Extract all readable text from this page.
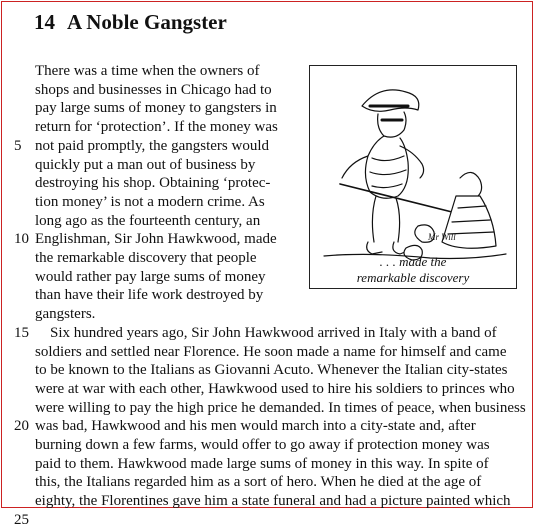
14 A Noble Gangster

There was a time when the owners of

shops and businesses in Chicago had to

pay large sums of money to gangsters in

return for ‘protection’. If the money was

not paid promptly, the gangsters would

quickly put a man out of business by

destroying his shop. Obtaining ‘protec-

tion money’ is not a modern crime. As

long ago as the fourteenth century, an

Englishman, Sir John Hawkwood, made

the remarkable discovery that people

would rather pay large sums of money

than have their life work destroyed by

gangsters.

Six hundred years ago, Sir John Hawkwood arrived in Italy with a band of

soldiers and settled near Florence. He soon made a name for himself and came

to be known to the Italians as Giovanni Acuto. Whenever the Italian city-states

were at war with each other, Hawkwood used to hire his soldiers to princes who

were willing to pay the high price he demanded. In times of peace, when business

was bad, Hawkwood and his men would march into a city-state and, after

burning down a few farms, would offer to go away if protection money was

paid to them. Hawkwood made large sums of money in this way. In spite of

this, the Italians regarded him as a sort of hero. When he died at the age of

eighty, the Florentines gave him a state funeral and had a picture painted which

5

10

15

20

25

Mr Will

. . . made the

remarkable discovery
